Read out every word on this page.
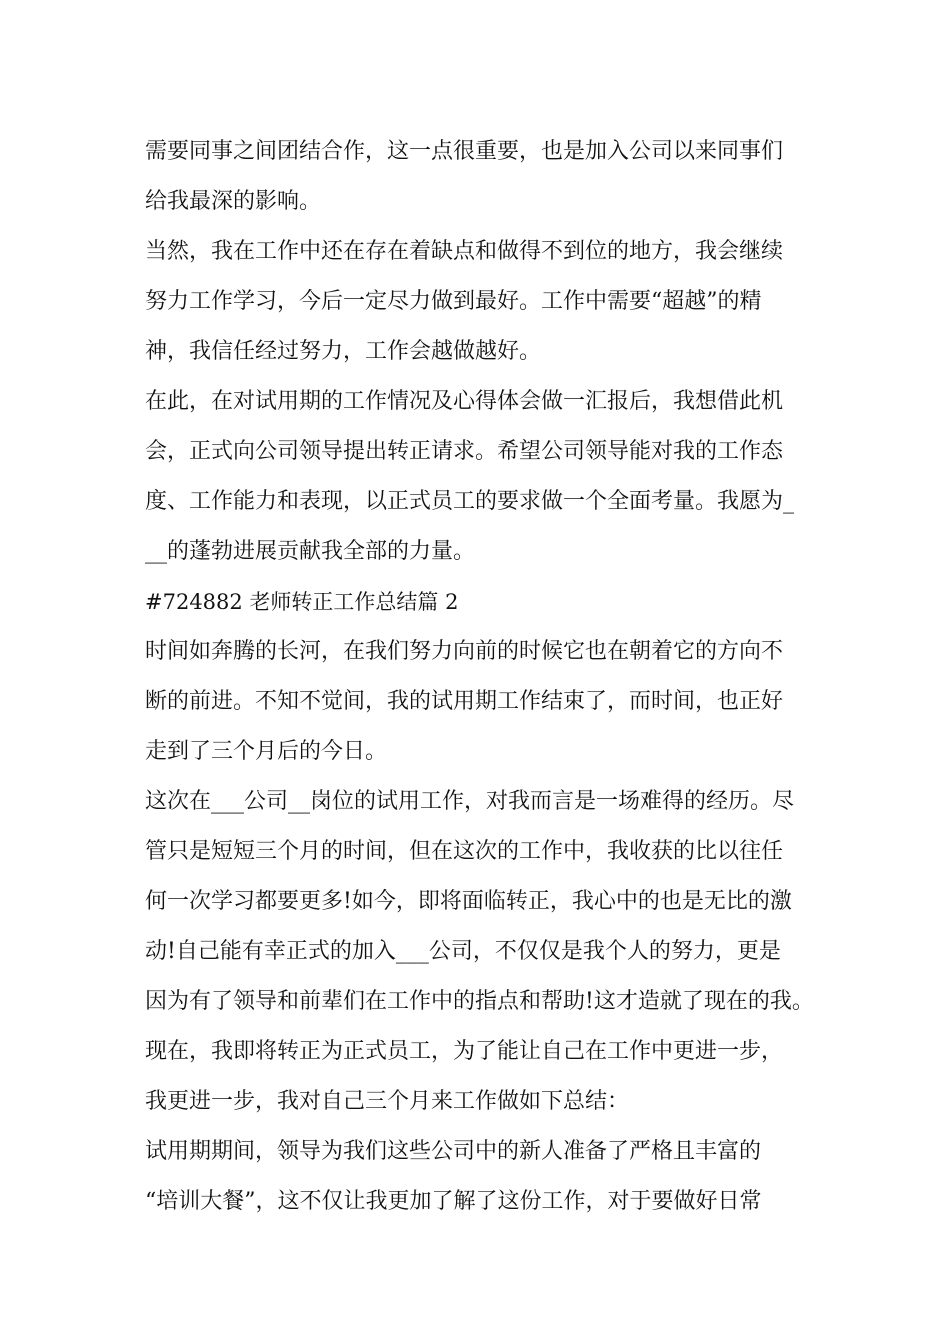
需要同事之间团结合作，这一点很重要，也是加入公司以来同事们
给我最深的影响。
当然，我在工作中还在存在着缺点和做得不到位的地方，我会继续
努力工作学习，今后一定尽力做到最好。工作中需要“超越”的精
神，我信任经过努力，工作会越做越好。
在此，在对试用期的工作情况及心得体会做一汇报后，我想借此机
会，正式向公司领导提出转正请求。希望公司领导能对我的工作态
度、工作能力和表现，以正式员工的要求做一个全面考量。我愿为_
__的蓬勃进展贡献我全部的力量。
#724882 老师转正工作总结篇 2
时间如奔腾的长河，在我们努力向前的时候它也在朝着它的方向不
断的前进。不知不觉间，我的试用期工作结束了，而时间，也正好
走到了三个月后的今日。
这次在___公司__岗位的试用工作，对我而言是一场难得的经历。尽
管只是短短三个月的时间，但在这次的工作中，我收获的比以往任
何一次学习都要更多!如今，即将面临转正，我心中的也是无比的激
动!自己能有幸正式的加入___公司，不仅仅是我个人的努力，更是
因为有了领导和前辈们在工作中的指点和帮助!这才造就了现在的我。
现在，我即将转正为正式员工，为了能让自己在工作中更进一步，
我更进一步，我对自己三个月来工作做如下总结：
试用期期间，领导为我们这些公司中的新人准备了严格且丰富的
“培训大餐”，这不仅让我更加了解了这份工作，对于要做好日常
